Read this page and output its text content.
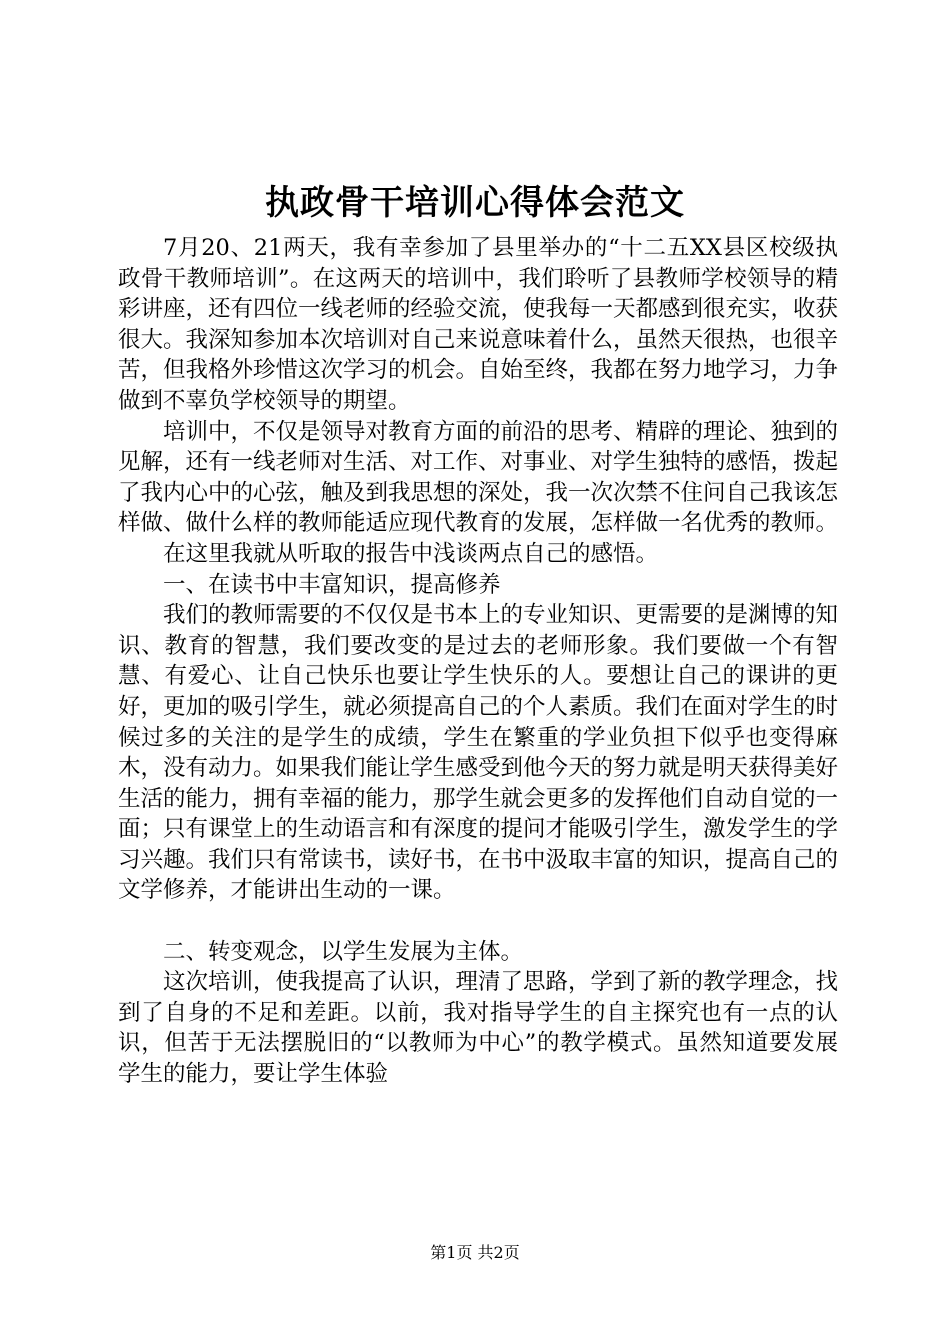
执政骨干培训心得体会范文

7月20、21两天，我有幸参加了县里举办的“十二五XX县区校级执政骨干教师培训”。在这两天的培训中，我们聆听了县教师学校领导的精彩讲座，还有四位一线老师的经验交流，使我每一天都感到很充实，收获很大。我深知参加本次培训对自己来说意味着什么，虽然天很热，也很辛苦，但我格外珍惜这次学习的机会。自始至终，我都在努力地学习，力争做到不辜负学校领导的期望。

培训中，不仅是领导对教育方面的前沿的思考、精辟的理论、独到的见解，还有一线老师对生活、对工作、对事业、对学生独特的感悟，拨起了我内心中的心弦，触及到我思想的深处，我一次次禁不住问自己我该怎样做、做什么样的教师能适应现代教育的发展，怎样做一名优秀的教师。

在这里我就从听取的报告中浅谈两点自己的感悟。

一、在读书中丰富知识，提高修养

我们的教师需要的不仅仅是书本上的专业知识、更需要的是渊博的知识、教育的智慧，我们要改变的是过去的老师形象。我们要做一个有智慧、有爱心、让自己快乐也要让学生快乐的人。要想让自己的课讲的更好，更加的吸引学生，就必须提高自己的个人素质。我们在面对学生的时候过多的关注的是学生的成绩，学生在繁重的学业负担下似乎也变得麻木，没有动力。如果我们能让学生感受到他今天的努力就是明天获得美好生活的能力，拥有幸福的能力，那学生就会更多的发挥他们自动自觉的一面；只有课堂上的生动语言和有深度的提问才能吸引学生，激发学生的学习兴趣。我们只有常读书，读好书，在书中汲取丰富的知识，提高自己的文学修养，才能讲出生动的一课。

二、转变观念，以学生发展为主体。

这次培训，使我提高了认识，理清了思路，学到了新的教学理念，找到了自身的不足和差距。以前，我对指导学生的自主探究也有一点的认识，但苦于无法摆脱旧的“以教师为中心”的教学模式。虽然知道要发展学生的能力，要让学生体验

第1页 共2页
